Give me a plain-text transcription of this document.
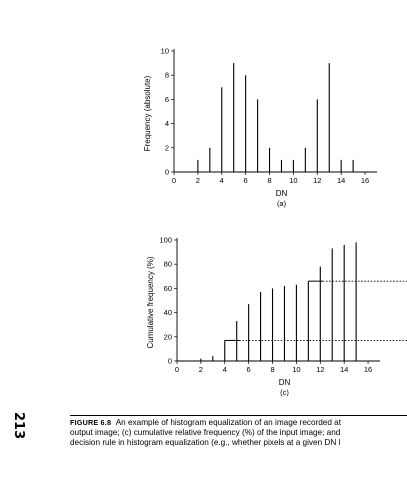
0	2	4	6	8 10 12 14 16
0
2
4
6
8
10
DN
Frequency (absolute)
(a)
0	2	4	6	8 10 12 14 16
0
20
40
60
80
100
DN
Cumulative frequency (%)
(c)
213	FIGURE 6.8 An example of histogram equalization of an image recorded at
output image; (c) cumulative relative frequency (%) of the input image; and
decision rule in histogram equalization (e.g., whether pixels at a given DN l
